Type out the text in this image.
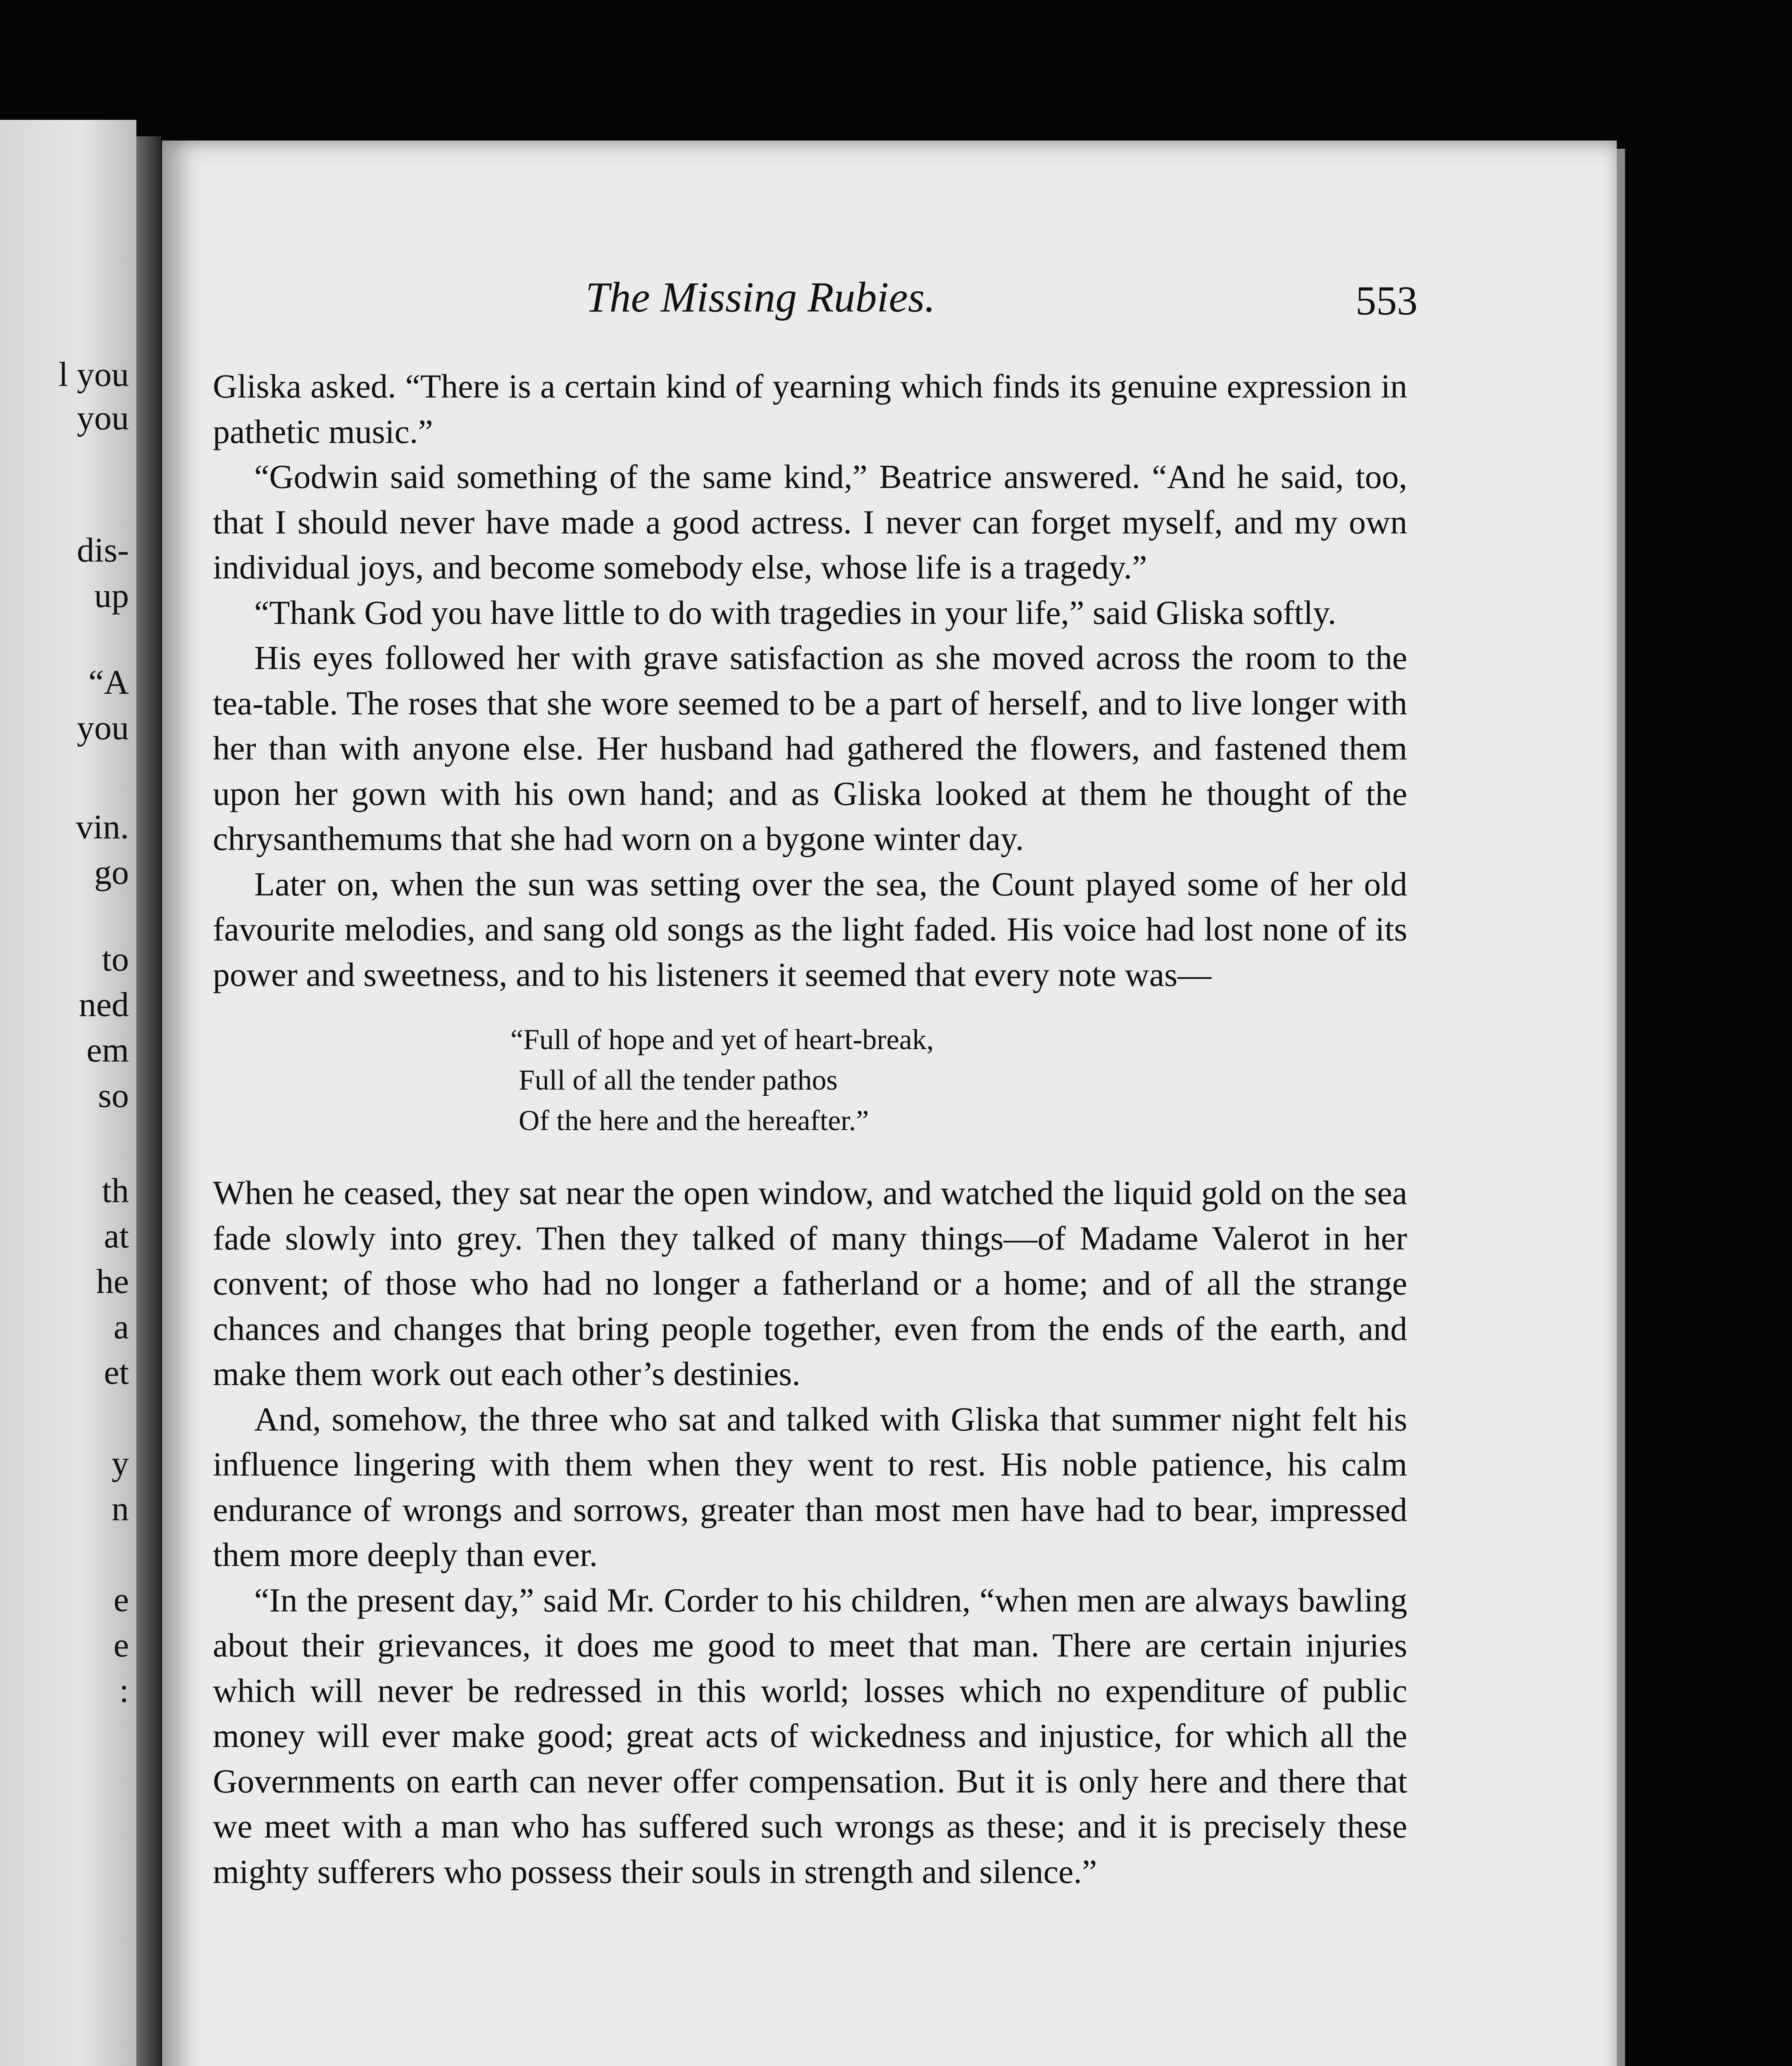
l you
you
dis-
up
“A
you
vin.
go
to
ned
em
so
th
at
he
a
et
y
n
e
e
:
The Missing Rubies.	553

Gliska asked. “There is a certain kind of yearning which finds its genuine expression in pathetic music.”

“Godwin said something of the same kind,” Beatrice answered. “And he said, too, that I should never have made a good actress. I never can forget myself, and my own individual joys, and become somebody else, whose life is a tragedy.”

“Thank God you have little to do with tragedies in your life,” said Gliska softly.

His eyes followed her with grave satisfaction as she moved across the room to the tea-table. The roses that she wore seemed to be a part of herself, and to live longer with her than with anyone else. Her husband had gathered the flowers, and fastened them upon her gown with his own hand; and as Gliska looked at them he thought of the chrysanthemums that she had worn on a bygone winter day.

Later on, when the sun was setting over the sea, the Count played some of her old favourite melodies, and sang old songs as the light faded. His voice had lost none of its power and sweetness, and to his listeners it seemed that every note was—

“Full of hope and yet of heart-break,
Full of all the tender pathos
Of the here and the hereafter.”

When he ceased, they sat near the open window, and watched the liquid gold on the sea fade slowly into grey. Then they talked of many things—of Madame Valerot in her convent; of those who had no longer a fatherland or a home; and of all the strange chances and changes that bring people together, even from the ends of the earth, and make them work out each other’s destinies.

And, somehow, the three who sat and talked with Gliska that summer night felt his influence lingering with them when they went to rest. His noble patience, his calm endurance of wrongs and sorrows, greater than most men have had to bear, impressed them more deeply than ever.

“In the present day,” said Mr. Corder to his children, “when men are always bawling about their grievances, it does me good to meet that man. There are certain injuries which will never be redressed in this world; losses which no expenditure of public money will ever make good; great acts of wickedness and injustice, for which all the Governments on earth can never offer compensation. But it is only here and there that we meet with a man who has suffered such wrongs as these; and it is precisely these mighty sufferers who possess their souls in strength and silence.”
